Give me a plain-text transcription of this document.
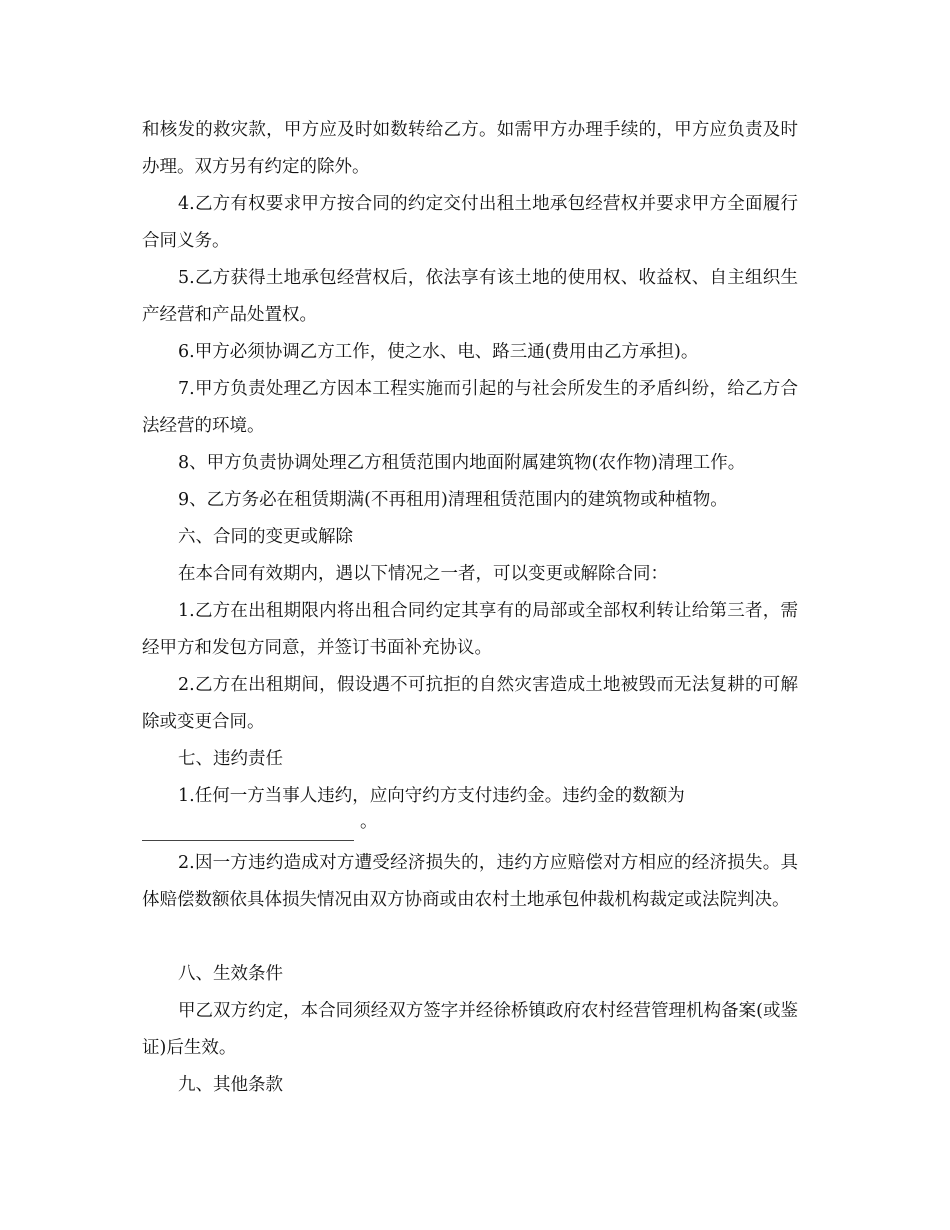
和核发的救灾款，甲方应及时如数转给乙方。如需甲方办理手续的，甲方应负责及时办理。双方另有约定的除外。

4.乙方有权要求甲方按合同的约定交付出租土地承包经营权并要求甲方全面履行合同义务。

5.乙方获得土地承包经营权后，依法享有该土地的使用权、收益权、自主组织生产经营和产品处置权。

6.甲方必须协调乙方工作，使之水、电、路三通(费用由乙方承担)。

7.甲方负责处理乙方因本工程实施而引起的与社会所发生的矛盾纠纷，给乙方合法经营的环境。

8、甲方负责协调处理乙方租赁范围内地面附属建筑物(农作物)清理工作。

9、乙方务必在租赁期满(不再租用)清理租赁范围内的建筑物或种植物。

六、合同的变更或解除

在本合同有效期内，遇以下情况之一者，可以变更或解除合同：

1.乙方在出租期限内将出租合同约定其享有的局部或全部权利转让给第三者，需经甲方和发包方同意，并签订书面补充协议。

2.乙方在出租期间，假设遇不可抗拒的自然灾害造成土地被毁而无法复耕的可解除或变更合同。

七、违约责任

1.任何一方当事人违约，应向守约方支付违约金。违约金的数额为

。

2.因一方违约造成对方遭受经济损失的，违约方应赔偿对方相应的经济损失。具体赔偿数额依具体损失情况由双方协商或由农村土地承包仲裁机构裁定或法院判决。

八、生效条件

甲乙双方约定，本合同须经双方签字并经徐桥镇政府农村经营管理机构备案(或鉴证)后生效。

九、其他条款
